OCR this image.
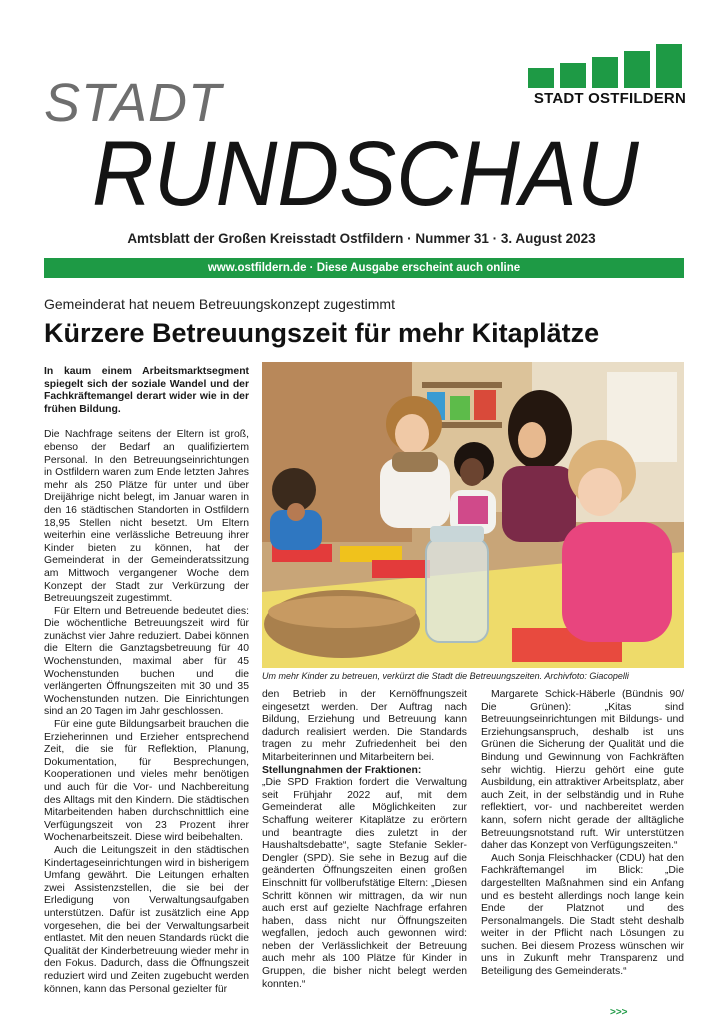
STADT OSTFILDERN
STADT
RUNDSCHAU
Amtsblatt der Großen Kreisstadt Ostfildern · Nummer 31 · 3. August 2023
www.ostfildern.de · Diese Ausgabe erscheint auch online
Gemeinderat hat neuem Betreuungskonzept zugestimmt
Kürzere Betreuungszeit für mehr Kitaplätze

In kaum einem Arbeitsmarktsegment spiegelt sich der soziale Wandel und der Fachkräftemangel derart wider wie in der frühen Bildung.

Die Nachfrage seitens der Eltern ist groß, ebenso der Bedarf an qualifiziertem Personal. In den Betreuungseinrichtungen in Ostfildern waren zum Ende letzten Jahres mehr als 250 Plätze für unter und über Dreijährige nicht belegt, im Januar waren in den 16 städtischen Standorten in Ostfildern 18,95 Stellen nicht besetzt. Um Eltern weiterhin eine verlässliche Betreuung ihrer Kinder bieten zu können, hat der Gemeinderat in der Gemeinderatssitzung am Mittwoch vergangener Woche dem Konzept der Stadt zur Verkürzung der Betreuungszeit zugestimmt.

Für Eltern und Betreuende bedeutet dies: Die wöchentliche Betreuungszeit wird für zunächst vier Jahre reduziert. Dabei können die Eltern die Ganztagsbetreuung für 40 Wochenstunden, maximal aber für 45 Wochenstunden buchen und die verlängerten Öffnungszeiten mit 30 und 35 Wochenstunden nutzen. Die Einrichtungen sind an 20 Tagen im Jahr geschlossen.

Für eine gute Bildungsarbeit brauchen die Erzieherinnen und Erzieher entsprechend Zeit, die sie für Reflektion, Planung, Dokumentation, für Besprechungen, Kooperationen und vieles mehr benötigen und auch für die Vor- und Nachbereitung des Alltags mit den Kindern. Die städtischen Mitarbeitenden haben durchschnittlich eine Verfügungszeit von 23 Prozent ihrer Wochenarbeitszeit. Diese wird beibehalten.

Auch die Leitungszeit in den städtischen Kindertageseinrichtungen wird in bisherigem Umfang gewährt. Die Leitungen erhalten zwei Assistenzstellen, die sie bei der Erledigung von Verwaltungsaufgaben unterstützen. Dafür ist zusätzlich eine App vorgesehen, die bei der Verwaltungsarbeit entlastet. Mit den neuen Standards rückt die Qualität der Kinderbetreuung wieder mehr in den Fokus. Dadurch, dass die Öffnungszeit reduziert wird und Zeiten zugebucht werden können, kann das Personal gezielter für

Um mehr Kinder zu betreuen, verkürzt die Stadt die Betreuungszeiten. Archivfoto: Giacopelli

den Betrieb in der Kernöffnungszeit eingesetzt werden. Der Auftrag nach Bildung, Erziehung und Betreuung kann dadurch realisiert werden. Die Standards tragen zu mehr Zufriedenheit bei den Mitarbeiterinnen und Mitarbeitern bei.

Stellungnahmen der Fraktionen:

„Die SPD Fraktion fordert die Verwaltung seit Frühjahr 2022 auf, mit dem Gemeinderat alle Möglichkeiten zur Schaffung weiterer Kitaplätze zu erörtern und beantragte dies zuletzt in der Haushaltsdebatte“, sagte Stefanie Sekler-Dengler (SPD). Sie sehe in Bezug auf die geänderten Öffnungszeiten einen großen Einschnitt für vollberufstätige Eltern: „Diesen Schritt können wir mittragen, da wir nun auch erst auf gezielte Nachfrage erfahren haben, dass nicht nur Öffnungszeiten wegfallen, jedoch auch gewonnen wird: neben der Verlässlichkeit der Betreuung auch mehr als 100 Plätze für Kinder in Gruppen, die bisher nicht belegt werden konnten.“

Margarete Schick-Häberle (Bündnis 90/ Die Grünen): „Kitas sind Betreuungseinrichtungen mit Bildungs- und Erziehungsanspruch, deshalb ist uns Grünen die Sicherung der Qualität und die Bindung und Gewinnung von Fachkräften sehr wichtig. Hierzu gehört eine gute Ausbildung, ein attraktiver Arbeitsplatz, aber auch Zeit, in der selbständig und in Ruhe reflektiert, vor- und nachbereitet werden kann, sofern nicht gerade der alltägliche Betreuungsnotstand ruft. Wir unterstützen daher das Konzept von Verfügungszeiten.“

Auch Sonja Fleischhacker (CDU) hat den Fachkräftemangel im Blick: „Die dargestellten Maßnahmen sind ein Anfang und es besteht allerdings noch lange kein Ende der Platznot und des Personalmangels. Die Stadt steht deshalb weiter in der Pflicht nach Lösungen zu suchen. Bei diesem Prozess wünschen wir uns in Zukunft mehr Transparenz und Beteiligung des Gemeinderats.“

>>>
